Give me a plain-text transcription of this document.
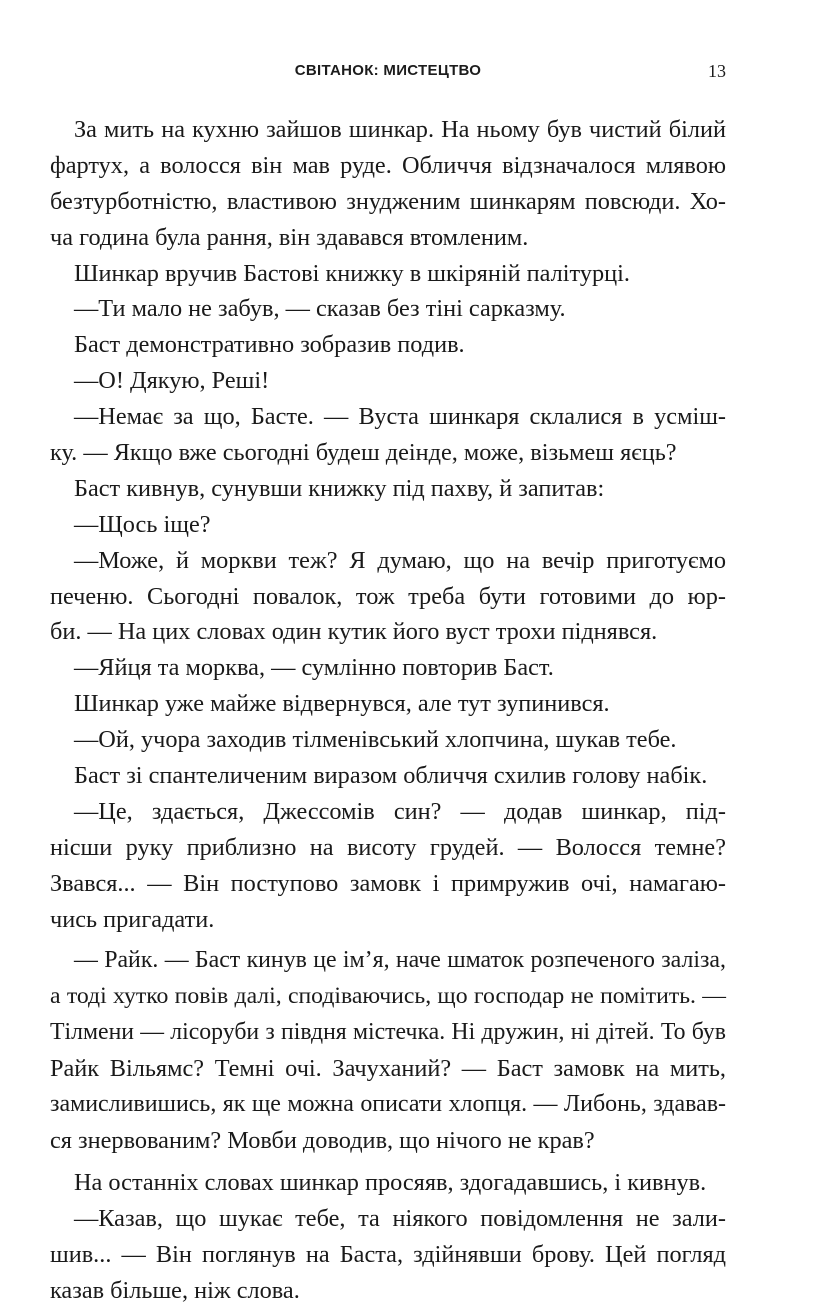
СВІТАНОК: МИСТЕЦТВО	13
За мить на кухню зайшов шинкар. На ньому був чистий білий
фартух, а волосся він мав руде. Обличчя відзначалося млявою
безтурботністю, властивою знудженим шинкарям повсюди. Хо-
ча година була рання, він здавався втомленим.
Шинкар вручив Бастові книжку в шкіряній палітурці.
—Ти мало не забув, — сказав без тіні сарказму.
Баст демонстративно зобразив подив.
—О! Дякую, Реші!
—Немає за що, Басте. — Вуста шинкаря склалися в усміш-
ку. — Якщо вже сьогодні будеш деінде, може, візьмеш яєць?
Баст кивнув, сунувши книжку під пахву, й запитав:
—Щось іще?
—Може, й моркви теж? Я думаю, що на вечір приготуємо
печеню. Сьогодні повалок, тож треба бути готовими до юр-
би. — На цих словах один кутик його вуст трохи піднявся.
—Яйця та морква, — сумлінно повторив Баст.
Шинкар уже майже відвернувся, але тут зупинився.
—Ой, учора заходив тілменівський хлопчина, шукав тебе.
Баст зі спантеличеним виразом обличчя схилив голову набік.
—Це, здається, Джессомів син? — додав шинкар, під-
нісши руку приблизно на висоту грудей. — Волосся темне?
Звався... — Він поступово замовк і примружив очі, намагаю-
чись пригадати.
— Райк. — Баст кинув це ім’я, наче шматок розпеченого заліза,
а тоді хутко повів далі, сподіваючись, що господар не помітить. —
Тілмени — лісоруби з півдня містечка. Ні дружин, ні дітей. То був
Райк Вільямс? Темні очі. Зачуханий? — Баст замовк на мить,
замисливишись, як ще можна описати хлопця. — Либонь, здавав-
ся знервованим? Мовби доводив, що нічого не крав?
На останніх словах шинкар просяяв, здогадавшись, і кивнув.
—Казав, що шукає тебе, та ніякого повідомлення не зали-
шив... — Він поглянув на Баста, здійнявши брову. Цей погляд
казав більше, ніж слова.
